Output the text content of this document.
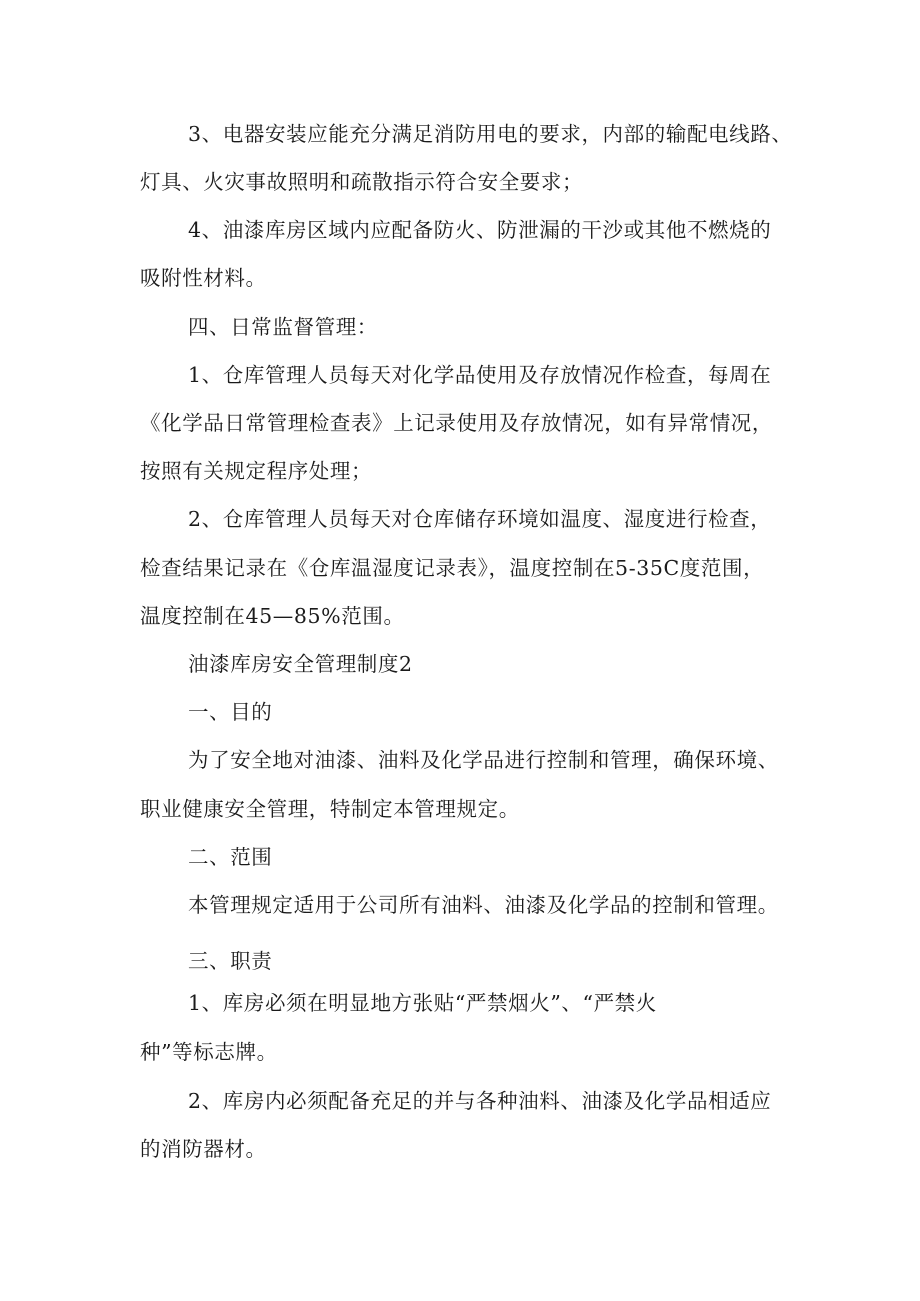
3、电器安装应能充分满足消防用电的要求，内部的输配电线路、
灯具、火灾事故照明和疏散指示符合安全要求；
4、油漆库房区域内应配备防火、防泄漏的干沙或其他不燃烧的
吸附性材料。
四、日常监督管理：
1、仓库管理人员每天对化学品使用及存放情况作检查，每周在
《化学品日常管理检查表》上记录使用及存放情况，如有异常情况，
按照有关规定程序处理；
2、仓库管理人员每天对仓库储存环境如温度、湿度进行检查，
检查结果记录在《仓库温湿度记录表》，温度控制在5-35C度范围，
温度控制在45—85%范围。
油漆库房安全管理制度2
一、目的
为了安全地对油漆、油料及化学品进行控制和管理，确保环境、
职业健康安全管理，特制定本管理规定。
二、范围
本管理规定适用于公司所有油料、油漆及化学品的控制和管理。
三、职责
1、库房必须在明显地方张贴“严禁烟火”、“严禁火
种”等标志牌。
2、库房内必须配备充足的并与各种油料、油漆及化学品相适应
的消防器材。
